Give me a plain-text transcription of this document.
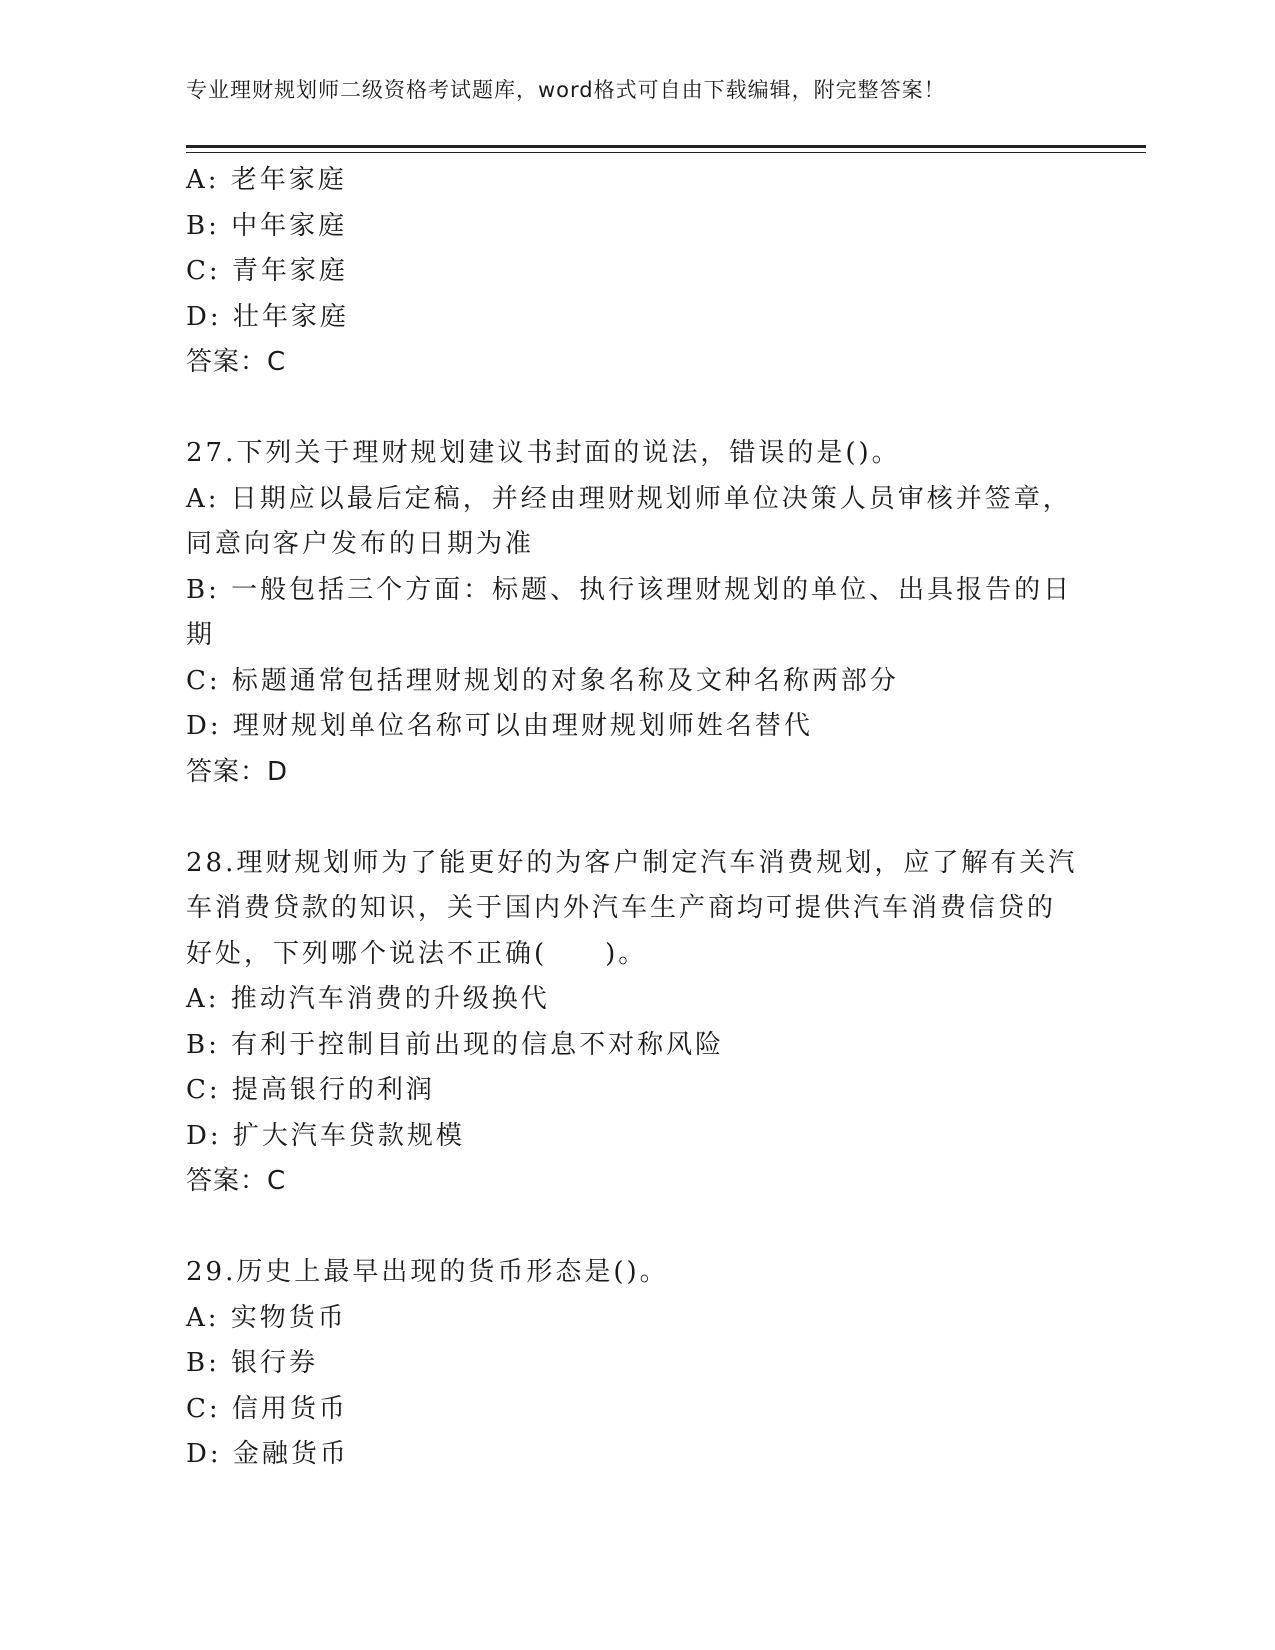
专业理财规划师二级资格考试题库，word格式可自由下载编辑，附完整答案！
A: 老年家庭
B: 中年家庭
C: 青年家庭
D: 壮年家庭
答案：C
27.下列关于理财规划建议书封面的说法，错误的是()。
A: 日期应以最后定稿，并经由理财规划师单位决策人员审核并签章，
同意向客户发布的日期为准
B: 一般包括三个方面：标题、执行该理财规划的单位、出具报告的日
期
C: 标题通常包括理财规划的对象名称及文种名称两部分
D: 理财规划单位名称可以由理财规划师姓名替代
答案：D
28.理财规划师为了能更好的为客户制定汽车消费规划，应了解有关汽
车消费贷款的知识，关于国内外汽车生产商均可提供汽车消费信贷的
好处，下列哪个说法不正确(　　)。
A: 推动汽车消费的升级换代
B: 有利于控制目前出现的信息不对称风险
C: 提高银行的利润
D: 扩大汽车贷款规模
答案：C
29.历史上最早出现的货币形态是()。
A: 实物货币
B: 银行券
C: 信用货币
D: 金融货币
